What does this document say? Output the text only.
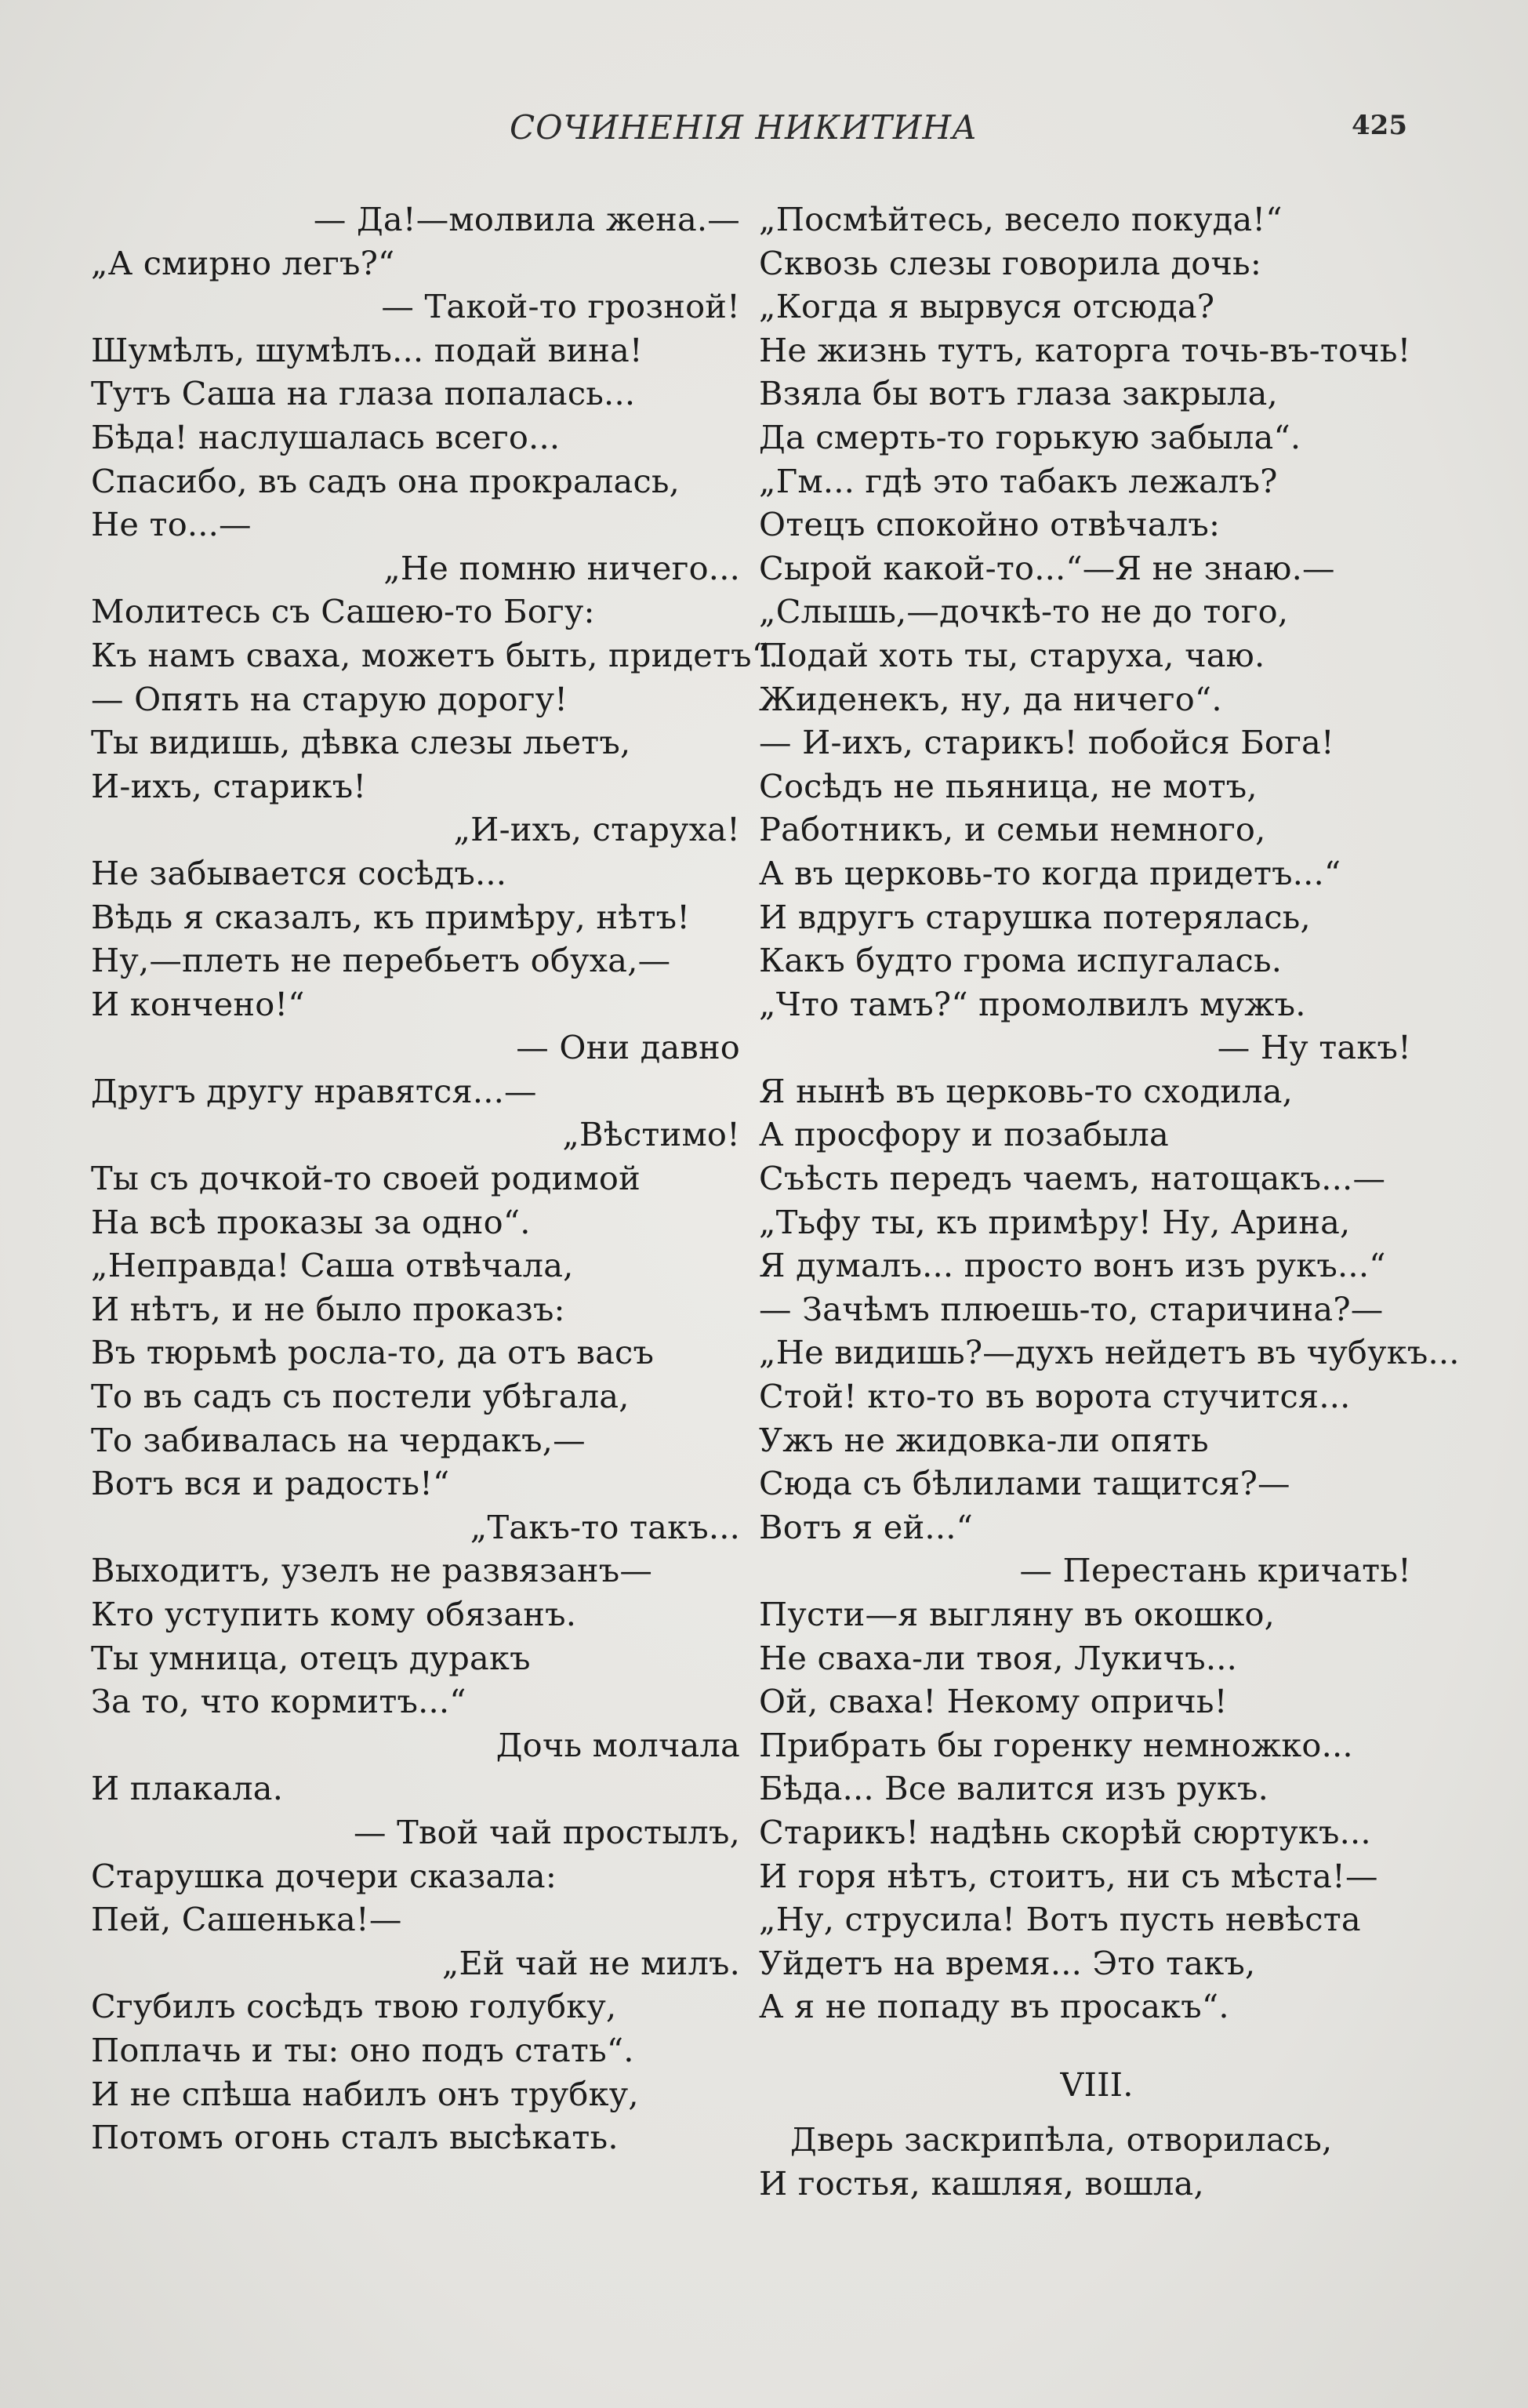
СОЧИНЕНІЯ НИКИТИНА	425
— Да!—молвила жена.—
„А смирно легъ?“
— Такой-то грозной!
Шумѣлъ, шумѣлъ... подай вина!
Тутъ Саша на глаза попалась...
Бѣда! наслушалась всего...
Спасибо, въ садъ она прокралась,
Не то...—
„Не помню ничего...
Молитесь съ Сашею-то Богу:
Къ намъ сваха, можетъ быть, придетъ“.
— Опять на старую дорогу!
Ты видишь, дѣвка слезы льетъ,
И-ихъ, старикъ!
„И-ихъ, старуха!
Не забывается сосѣдъ...
Вѣдь я сказалъ, къ примѣру, нѣтъ!
Ну,—плеть не перебьетъ обуха,—
И кончено!“
— Они давно
Другъ другу нравятся...—
„Вѣстимо!
Ты съ дочкой-то своей родимой
На всѣ проказы за одно“.
„Неправда! Саша отвѣчала,
И нѣтъ, и не было проказъ:
Въ тюрьмѣ росла-то, да отъ васъ
То въ садъ съ постели убѣгала,
То забивалась на чердакъ,—
Вотъ вся и радость!“
„Такъ-то такъ...
Выходитъ, узелъ не развязанъ—
Кто уступить кому обязанъ.
Ты умница, отецъ дуракъ
За то, что кормитъ...“
Дочь молчала
И плакала.
— Твой чай простылъ,
Старушка дочери сказала:
Пей, Сашенька!—
„Ей чай не милъ.
Сгубилъ сосѣдъ твою голубку,
Поплачь и ты: оно подъ стать“.
И не спѣша набилъ онъ трубку,
Потомъ огонь сталъ высѣкать.
„Посмѣйтесь, весело покуда!“
Сквозь слезы говорила дочь:
„Когда я вырвуся отсюда?
Не жизнь тутъ, каторга точь-въ-точь!
Взяла бы вотъ глаза закрыла,
Да смерть-то горькую забыла“.
„Гм... гдѣ это табакъ лежалъ?
Отецъ спокойно отвѣчалъ:
Сырой какой-то...“—Я не знаю.—
„Слышь,—дочкѣ-то не до того,
Подай хоть ты, старуха, чаю.
Жиденекъ, ну, да ничего“.
— И-ихъ, старикъ! побойся Бога!
Сосѣдъ не пьяница, не мотъ,
Работникъ, и семьи немного,
А въ церковь-то когда придетъ...“
И вдругъ старушка потерялась,
Какъ будто грома испугалась.
„Что тамъ?“ промолвилъ мужъ.
— Ну такъ!
Я нынѣ въ церковь-то сходила,
А просфору и позабыла
Съѣсть передъ чаемъ, натощакъ...—
„Тьфу ты, къ примѣру! Ну, Арина,
Я думалъ... просто вонъ изъ рукъ...“
— Зачѣмъ плюешь-то, старичина?—
„Не видишь?—духъ нейдетъ въ чубукъ...
Стой! кто-то въ ворота стучится...
Ужъ не жидовка-ли опять
Сюда съ бѣлилами тащится?—
Вотъ я ей...“
— Перестань кричать!
Пусти—я выгляну въ окошко,
Не сваха-ли твоя, Лукичъ...
Ой, сваха! Некому опричь!
Прибрать бы горенку немножко...
Бѣда... Все валится изъ рукъ.
Старикъ! надѣнь скорѣй сюртукъ...
И горя нѣтъ, стоитъ, ни съ мѣста!—
„Ну, струсила! Вотъ пусть невѣста
Уйдетъ на время... Это такъ,
А я не попаду въ просакъ“.
VIII.
Дверь заскрипѣла, отворилась,
И гостья, кашляя, вошла,
